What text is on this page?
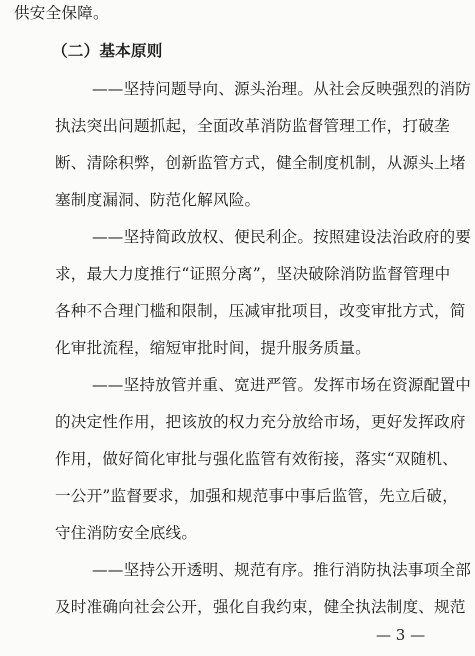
供安全保障。
（二）基本原则
——坚持问题导向、源头治理。从社会反映强烈的消防
执法突出问题抓起，全面改革消防监督管理工作，打破垄
断、清除积弊，创新监管方式，健全制度机制，从源头上堵
塞制度漏洞、防范化解风险。
——坚持简政放权、便民利企。按照建设法治政府的要
求，最大力度推行“证照分离”，坚决破除消防监督管理中
各种不合理门槛和限制，压减审批项目，改变审批方式，简
化审批流程，缩短审批时间，提升服务质量。
——坚持放管并重、宽进严管。发挥市场在资源配置中
的决定性作用，把该放的权力充分放给市场，更好发挥政府
作用，做好简化审批与强化监管有效衔接，落实“双随机、
一公开”监督要求，加强和规范事中事后监管，先立后破，
守住消防安全底线。
——坚持公开透明、规范有序。推行消防执法事项全部
及时准确向社会公开，强化自我约束，健全执法制度、规范
— 3 —
